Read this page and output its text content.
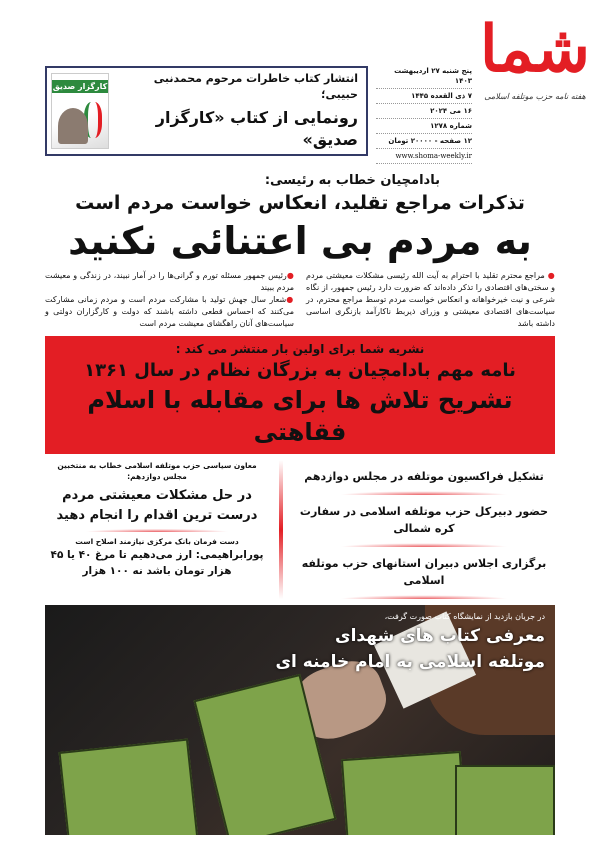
شما
هفته نامه حزب موتلفه اسلامی
پنج شنبه ۲۷ اردیبهشت ۱۴۰۳
۷ ذی القعده ۱۴۴۵
۱۶ می ۲۰۲۴
شماره ۱۲۷۸
۱۲ صفحه - ۲۰۰۰۰ تومان
www.shoma-weekly.ir
انتشار کتاب خاطرات مرحوم محمدنبی حبیبی؛
رونمایی از کتاب «کارگزار صدیق»
کارگزار صدیق
بادامچیان خطاب به رئیسی:
تذکرات مراجع تقلید، انعکاس خواست مردم است
به مردم بی اعتنائی نکنید
● مراجع محترم تقلید با احترام به آیت الله رئیسی مشکلات معیشتی مردم و سختی‌های اقتصادی را تذکر داده‌اند که ضرورت دارد رئیس جمهور، از نگاه شرعی و نیت خیرخواهانه و انعکاس خواست مردم توسط مراجع محترم، در سیاست‌های اقتصادی معیشتی و وزرای ذیربط ناکارآمد بازنگری اساسی داشته باشد
●رئیس جمهور مسئله تورم و گرانی‌ها را در آمار نبیند، در زندگی و معیشت مردم ببیند
●شعار سال جهش تولید با مشارکت مردم است و مردم زمانی مشارکت می‌کنند که احساس قطعی داشته باشند که دولت و کارگزاران دولتی و سیاست‌های آنان راهگشای معیشت مردم است
نشریه شما برای اولین بار منتشر می کند :
نامه مهم بادامچیان به بزرگان نظام در سال ۱۳۶۱
تشریح تلاش ها برای مقابله با اسلام فقاهتی
تشکیل فراکسیون موتلفه در مجلس دوازدهم
حضور دبیرکل حزب موتلفه اسلامی در سفارت کره شمالی
برگزاری اجلاس دبیران استانهای حزب موتلفه اسلامی
معاون سیاسی حزب موتلفه اسلامی خطاب به منتخبین مجلس دوازدهم:
در حل مشکلات معیشتی مردم درست ترین اقدام را انجام دهید
دست فرمان بانک مرکزی نیازمند اصلاح است
پورابراهیمی: ارز می‌دهیم تا مرغ ۴۰ یا ۴۵ هزار تومان باشد نه ۱۰۰ هزار
در جریان بازدید از نمایشگاه کتاب صورت گرفت،
معرفی کتاب های شهدای
موتلفه اسلامی به امام خامنه ای
